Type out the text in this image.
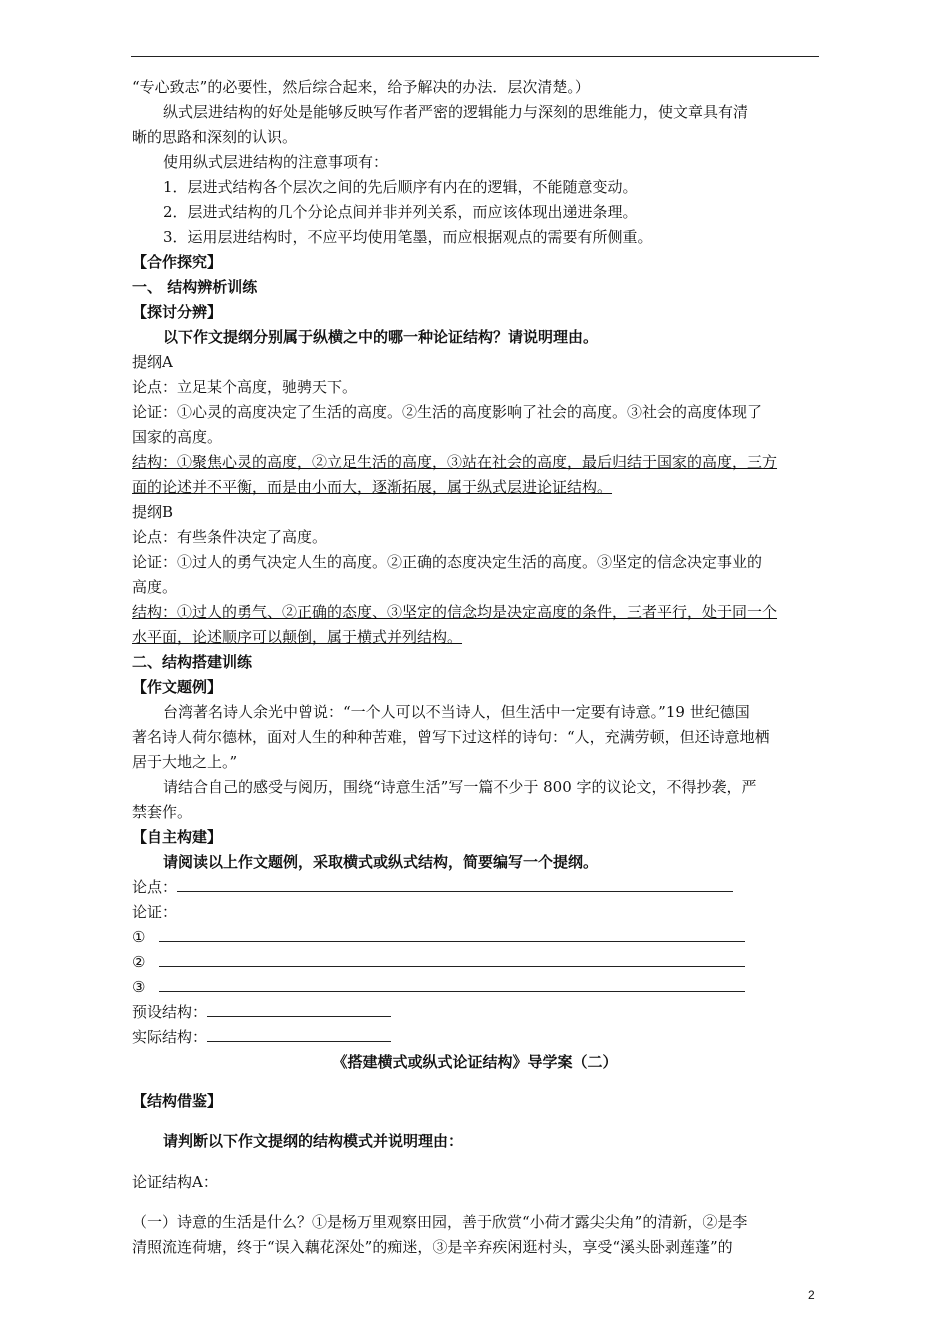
“专心致志”的必要性，然后综合起来，给予解决的办法．层次清楚。）
纵式层进结构的好处是能够反映写作者严密的逻辑能力与深刻的思维能力，使文章具有清
晰的思路和深刻的认识。
使用纵式层进结构的注意事项有：
1．层进式结构各个层次之间的先后顺序有内在的逻辑，不能随意变动。
2．层进式结构的几个分论点间并非并列关系，而应该体现出递进条理。
3．运用层进结构时，不应平均使用笔墨，而应根据观点的需要有所侧重。
【合作探究】
一、 结构辨析训练
【探讨分辨】
以下作文提纲分别属于纵横之中的哪一种论证结构？请说明理由。
提纲A
论点：立足某个高度，驰骋天下。
论证：①心灵的高度决定了生活的高度。②生活的高度影响了社会的高度。③社会的高度体现了
国家的高度。
结构：①聚焦心灵的高度，②立足生活的高度，③站在社会的高度，最后归结于国家的高度，三方
面的论述并不平衡，而是由小而大，逐渐拓展，属于纵式层进论证结构。
提纲B
论点：有些条件决定了高度。
论证：①过人的勇气决定人生的高度。②正确的态度决定生活的高度。③坚定的信念决定事业的
高度。
结构：①过人的勇气、②正确的态度、③坚定的信念均是决定高度的条件，三者平行，处于同一个
水平面，论述顺序可以颠倒，属于横式并列结构。
二、结构搭建训练
【作文题例】
台湾著名诗人余光中曾说：“一个人可以不当诗人，但生活中一定要有诗意。”19 世纪德国
著名诗人荷尔德林，面对人生的种种苦难，曾写下过这样的诗句：“人，充满劳顿，但还诗意地栖
居于大地之上。”
请结合自己的感受与阅历，围绕“诗意生活”写一篇不少于 800 字的议论文，不得抄袭，严
禁套作。
【自主构建】
请阅读以上作文题例，采取横式或纵式结构，简要编写一个提纲。
论点：
论证：
①
②
③
预设结构：
实际结构：
《搭建横式或纵式论证结构》导学案（二）
【结构借鉴】
请判断以下作文提纲的结构模式并说明理由：
论证结构A：
（一）诗意的生活是什么？①是杨万里观察田园，善于欣赏“小荷才露尖尖角”的清新，②是李
清照流连荷塘，终于“误入藕花深处”的痴迷，③是辛弃疾闲逛村头，享受“溪头卧剥莲蓬”的
2
